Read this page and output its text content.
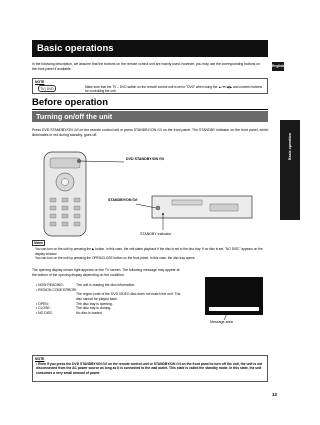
Basic operations
English
Basic operation
In the following description, we assume that the buttons on the remote control unit are mainly used; however, you may use the corresponding buttons on the front panel if available.
NOTE
TV | DVD	Make sure that the TV – DVD switch on the remote control unit is set to "DVD" when using the ▲/▼/◀/▶ and numeric buttons for controlling the unit.
Before operation
Turning on/off the unit
Press DVD STANDBY/ON ⏻/I on the remote control unit or press STANDBY/ON ⏻/I on the front panel. The STANDBY indicator on the front panel, which illuminates in red during standby, goes off.
DVD STANDBY/ON ⏻/I
STANDBY/ON ⏻/I
STANDBY indicator
Notes
You can turn on the unit by pressing the ▶ button. In this case, the unit starts playback if the disc is set in the disc tray. If no disc is set, "NO DISC" appears on the display window.
You can turn on the unit by pressing the OPEN/CLOSE button on the front panel. In this case, the disc tray opens.
The opening display shows right appears on the TV screen. The following message may appear at the bottom of the opening display depending on the condition.
• NOW READING:	The unit is reading the disc information.
• REGION CODE ERROR!:
The region code of the DVD VIDEO disc does not match the unit. The disc cannot be played back.
• OPEN:	The disc tray is opening.
• CLOSE:	The disc tray is closing.
• NO DISC:	No disc is loaded.
Message area
NOTE
• Even if you press the DVD STANDBY/ON ⏻/I on the remote control unit or STANDBY/ON ⏻/I on the front panel to turn off the unit, the unit is not disconnected from the AC power source as long as it is connected to the wall outlet. This state is called the standby mode. In this state, the unit consumes a very small amount of power.
12
